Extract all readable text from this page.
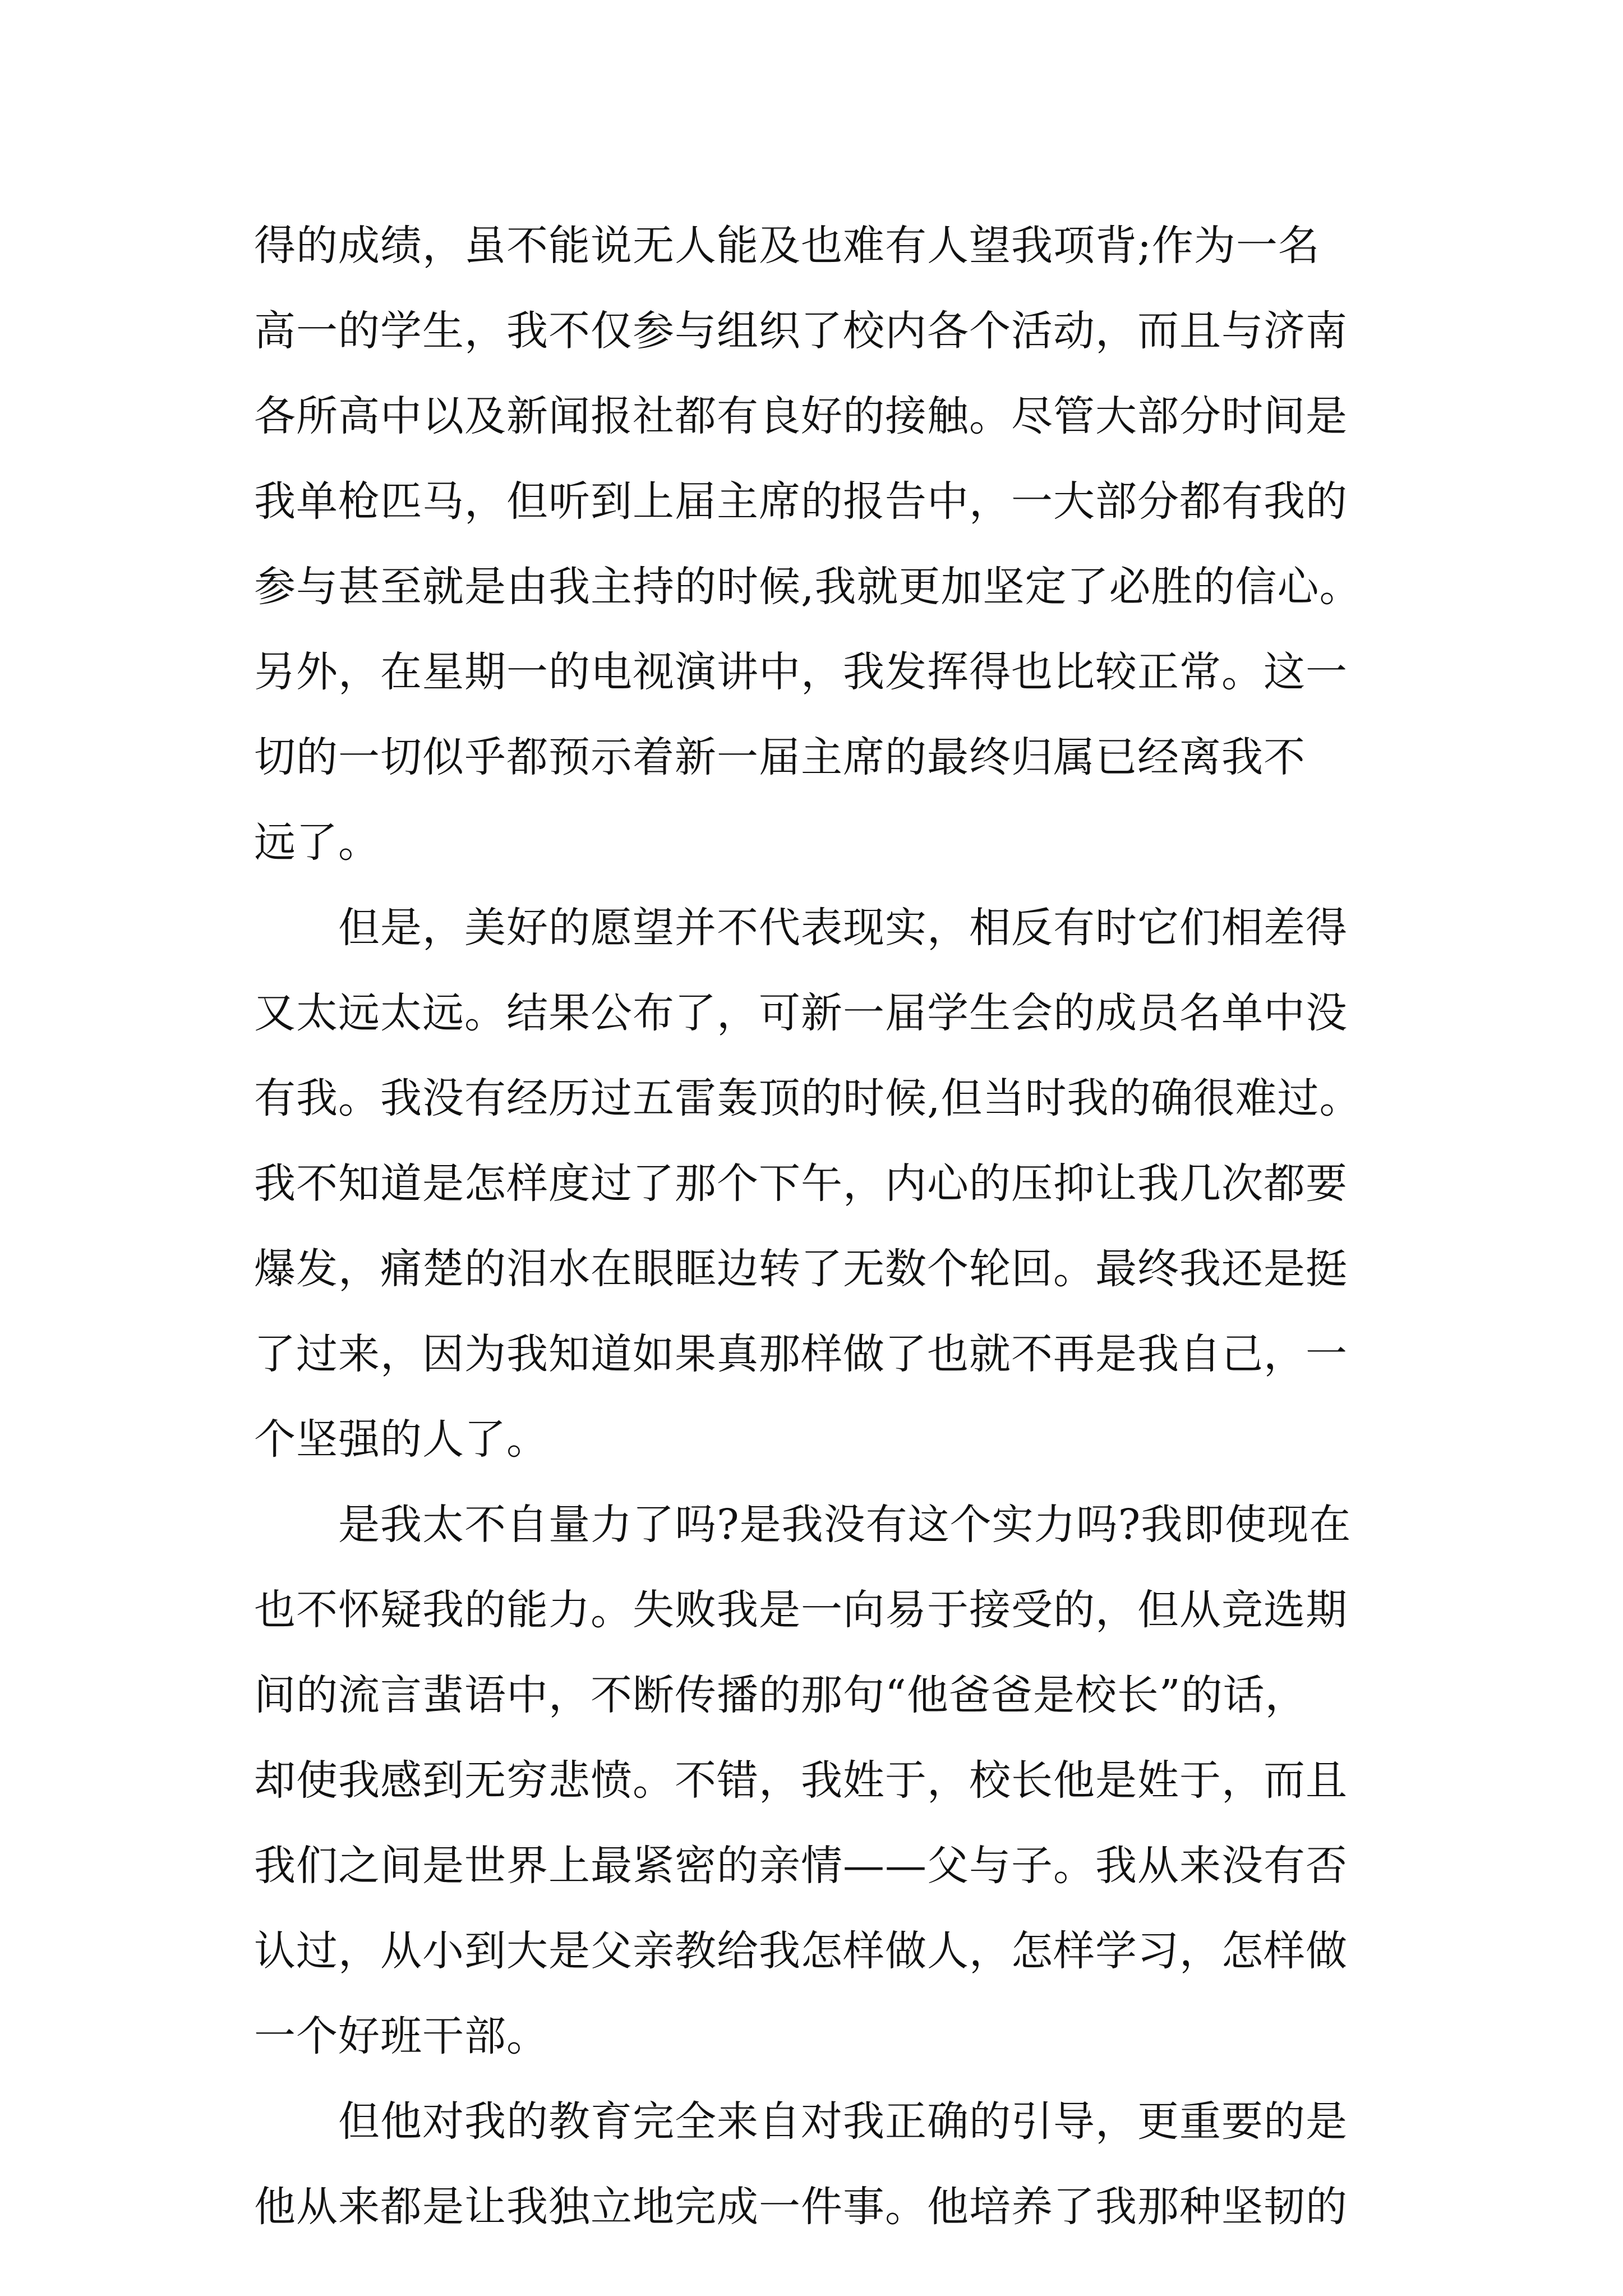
得的成绩，虽不能说无人能及也难有人望我项背;作为一名
高一的学生，我不仅参与组织了校内各个活动，而且与济南
各所高中以及新闻报社都有良好的接触。尽管大部分时间是
我单枪匹马，但听到上届主席的报告中，一大部分都有我的
参与甚至就是由我主持的时候,我就更加坚定了必胜的信心。
另外，在星期一的电视演讲中，我发挥得也比较正常。这一
切的一切似乎都预示着新一届主席的最终归属已经离我不
远了。
但是，美好的愿望并不代表现实，相反有时它们相差得
又太远太远。结果公布了，可新一届学生会的成员名单中没
有我。我没有经历过五雷轰顶的时候,但当时我的确很难过。
我不知道是怎样度过了那个下午，内心的压抑让我几次都要
爆发，痛楚的泪水在眼眶边转了无数个轮回。最终我还是挺
了过来，因为我知道如果真那样做了也就不再是我自己，一
个坚强的人了。
是我太不自量力了吗?是我没有这个实力吗?我即使现在
也不怀疑我的能力。失败我是一向易于接受的，但从竞选期
间的流言蜚语中，不断传播的那句“他爸爸是校长”的话，
却使我感到无穷悲愤。不错，我姓于，校长他是姓于，而且
我们之间是世界上最紧密的亲情——父与子。我从来没有否
认过，从小到大是父亲教给我怎样做人，怎样学习，怎样做
一个好班干部。
但他对我的教育完全来自对我正确的引导，更重要的是
他从来都是让我独立地完成一件事。他培养了我那种坚韧的
